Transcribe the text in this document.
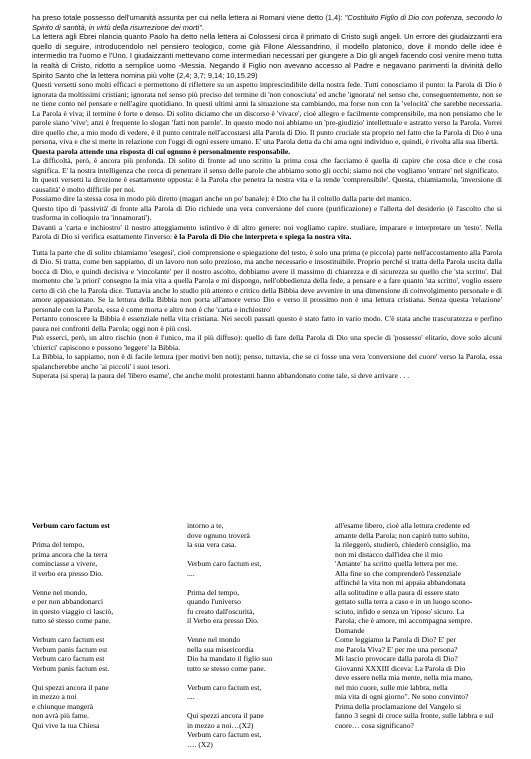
ha preso totale possesso dell'umanità assunta per cui nella lettera ai Romani viene detto (1,4): "Costituito Figlio di Dio con potenza, secondo lo Spirito di santità, in virtù della risurrezione dei morti".

La lettera agli Ebrei rilancia quanto Paolo ha detto nella lettera ai Colossesi circa il primato di Cristo sugli angeli. Un errore dei giudaizzanti era quello di seguire, introducendolo nel pensiero teologico, come già Filone Alessandrino, il modello platonico, dove il mondo delle idee è intermedio tra l'uomo e l'Uno. I giudaizzanti mettevano come intermediari necessari per giungere a Dio gli angeli facendo così venire meno tutta la realtà di Cristo, ridotto a semplice uomo -Messia. Negando il Figlio non avevano accesso al Padre e negavano parimenti la divinità dello Spirito Santo che la lettera nomina più volte (2,4; 3,7; 9,14; 10,15.29)

Questi versetti sono molti efficaci e permettono di riflettere su un aspetto imprescindibile della nostra fede. Tutti conosciamo il punto: la Parola di Dio è ignorata da moltissimi cristiani; ignorata nel senso più preciso del termine di 'non conosciuta' ed anche 'ignorata' nel senso che, conseguentemente, non se ne tiene conto nel pensare e nell'agire quotidiano. In questi ultimi anni la situazione sta cambiando, ma forse non con la 'velocità' che sarebbe necessaria. La Parola è viva; il termine è forte e denso. Di solito diciamo che un discorso è 'vivace', cioè allegro e facilmente comprensibile, ma non pensiamo che le parole siano 'vive'; anzi è frequente lo slogan 'fatti non parole'. In questo modo noi abbiamo un 'pre-giudizio' intellettuale e astratto verso la Parola. Vorrei dire quello che, a mio modo di vedere, è il punto centrale nell'accostarsi alla Parola di Dio. Il punto cruciale sta proprio nel fatto che la Parola di Dio è una persona, viva e che si mette in relazione con l'oggi di ogni essere umano. E' una Parola detta da chi ama ogni individuo e, quindi, è rivolta alla sua libertà.

Questa parola attende una risposta di cui ognuno è personalmente responsabile.

La difficoltà, però, è ancora più profonda. Di solito di fronte ad uno scritto la prima cosa che facciamo è quella di capire che cosa dice e che cosa significa. E' la nostra intelligenza che cerca di penetrare il senso delle parole che abbiamo sotto gli occhi; siamo noi che vogliamo 'entrare' nel significato.

In questi versetti la direzione è esattamente opposta: è la Parola che penetra la nostra vita e la rende 'comprensibile'. Questa, chiamiamola, 'inversione di causalità' è molto difficile per noi.

Possiamo dire la stessa cosa in modo più diretto (magari anche un po' banale): è Dio che ha il coltello dalla parte del manico.

Questo tipo di 'passività' di fronte alla Parola di Dio richiede una vera conversione del cuore (purificazione) e l'allerta del desiderio (è l'ascolto che si trasforma in colloquio tra 'innamorati').

Davanti a 'carta e inchiostro' il nostro atteggiamento istintivo è di altro genere: noi vogliamo capire. studiare, imparare e interpretare un 'testo'. Nella Parola di Dio si verifica esattamente l'inverso: è la Parola di Dio che interpreta e spiega la nostra vita.

Tutta la parte che di solito chiamiamo 'esegesi', cioè comprensione e spiegazione del testo, è solo una prima (e piccola) parte nell'accostamento alla Parola di Dio. Si tratta, come ben sappiamo, di un lavoro non solo prezioso, ma anche necessario e insostituibile. Proprio perché si tratta della Parola uscita dalla bocca di Dio, e quindi decisiva e 'vincolante' per il nostro ascolto, dobbiamo avere il massimo di chiarezza e di sicurezza su quello che 'sta scritto'. Dal momento che 'a priori' consegno la mia vita a quella Parola e mi dispongo, nell'obbedienza della fede, a pensare e a fare quanto 'sta scritto', voglio essere certo di ciò che la Parola dice. Tuttavia anche lo studio più attento e critico della Bibbia deve avvenire in una dimensione di coinvolgimento personale e di amore appassionato. Se la lettura della Bibbia non porta all'amore verso Dio e verso il prossimo non è una lettura cristiana. Senza questa 'relazione' personale con la Parola, essa è come morta e altro non è che 'carta e inchiostro'

Pertanto conoscere la Bibbia è essenziale nella vita cristiana. Nei secoli passati questo è stato fatto in vario modo. C'è stata anche trascuratezza e perfino paura nei confronti della Parola; oggi non è più così.

Può esserci, però, un altro rischio (non è l'unico, ma il più diffuso): quello di fare della Parola di Dio una specie di 'possesso' elitario, dove solo alcuni 'chierici' capiscono e possono 'leggere' la Bibbia.

La Bibbia, lo sappiamo, non è di facile lettura (per motivi ben noti); penso, tuttavia, che se ci fosse una vera 'conversione del cuore' verso la Parola, essa spalancherebbe anche 'ai piccoli' i suoi tesori.

Superata (si spera) la paura del 'libero esame', che anche molti protestanti hanno abbandonato come tale, si deve arrivare . . .

Verbum caro factum est
Prima del tempo,
prima ancora che la terra
cominciasse a vivere,
il verbo era presso Dio.
Venne nel mondo,
e per non abbandonarci
in questo viaggio ci lasciò,
tutto sé stesso come pane.
Verbum caro factum est
Verbum panis factum est
Verbum caro factum est
Verbum panis factum est.
Qui spezzi ancora il pane
in mezzo a noi
e chiunque mangerà
non avrà più fame.
Qui vive la tua Chiesa
intorno a te,
dove ognuno troverà
la sua vera casa.
Verbum caro factum est,
....
Prima del tempo,
quando l'universo
fu creato dall'oscurità,
il Verbo era presso Dio.
Venne nel mondo
nella sua misericordia
Dio ha mandato il figlio suo
tutto se stesso come pane.
Verbum caro factum est,
....
Qui spezzi ancora il pane
in mezzo a noi…(X2)
Verbum caro factum est,
…. (X2)
all'esame libero, cioè alla lettura credente ed
amante della Parola; non capirò tutto subito,
la rileggerò, studierò, chiederò consiglio, ma
non mi distacco dall'idea che il mio
'Amante' ha scritto quella lettera per me.
Alla fine so che comprenderò l'essenziale
affinché la vita non mi appaia abbandonata
alla solitudine e alla paura di essere stato
gettato sulla terra a caso e in un luogo scono-
sciuto, infido e senza un 'riposo' sicuro. La
Parola, che è amore, mi accompagna sempre.
Domande
Come leggiamo la Parola di Dio? E' per
me Parola Viva? E' per me una persona?
Mi lascio provocare dalla parola di Dio?
Giovanni XXXIII diceva: La Parola di Dio
deve essere nella mia mente, nella mia mano,
nel mio cuore, sulle mie labbra, nella
mia vita di ogni giorno". Ne sono convinto?
Prima della proclamazione del Vangelo si
fanno 3 segni di croce sulla fronte, sulle labbra e sul cuore… cosa significano?
